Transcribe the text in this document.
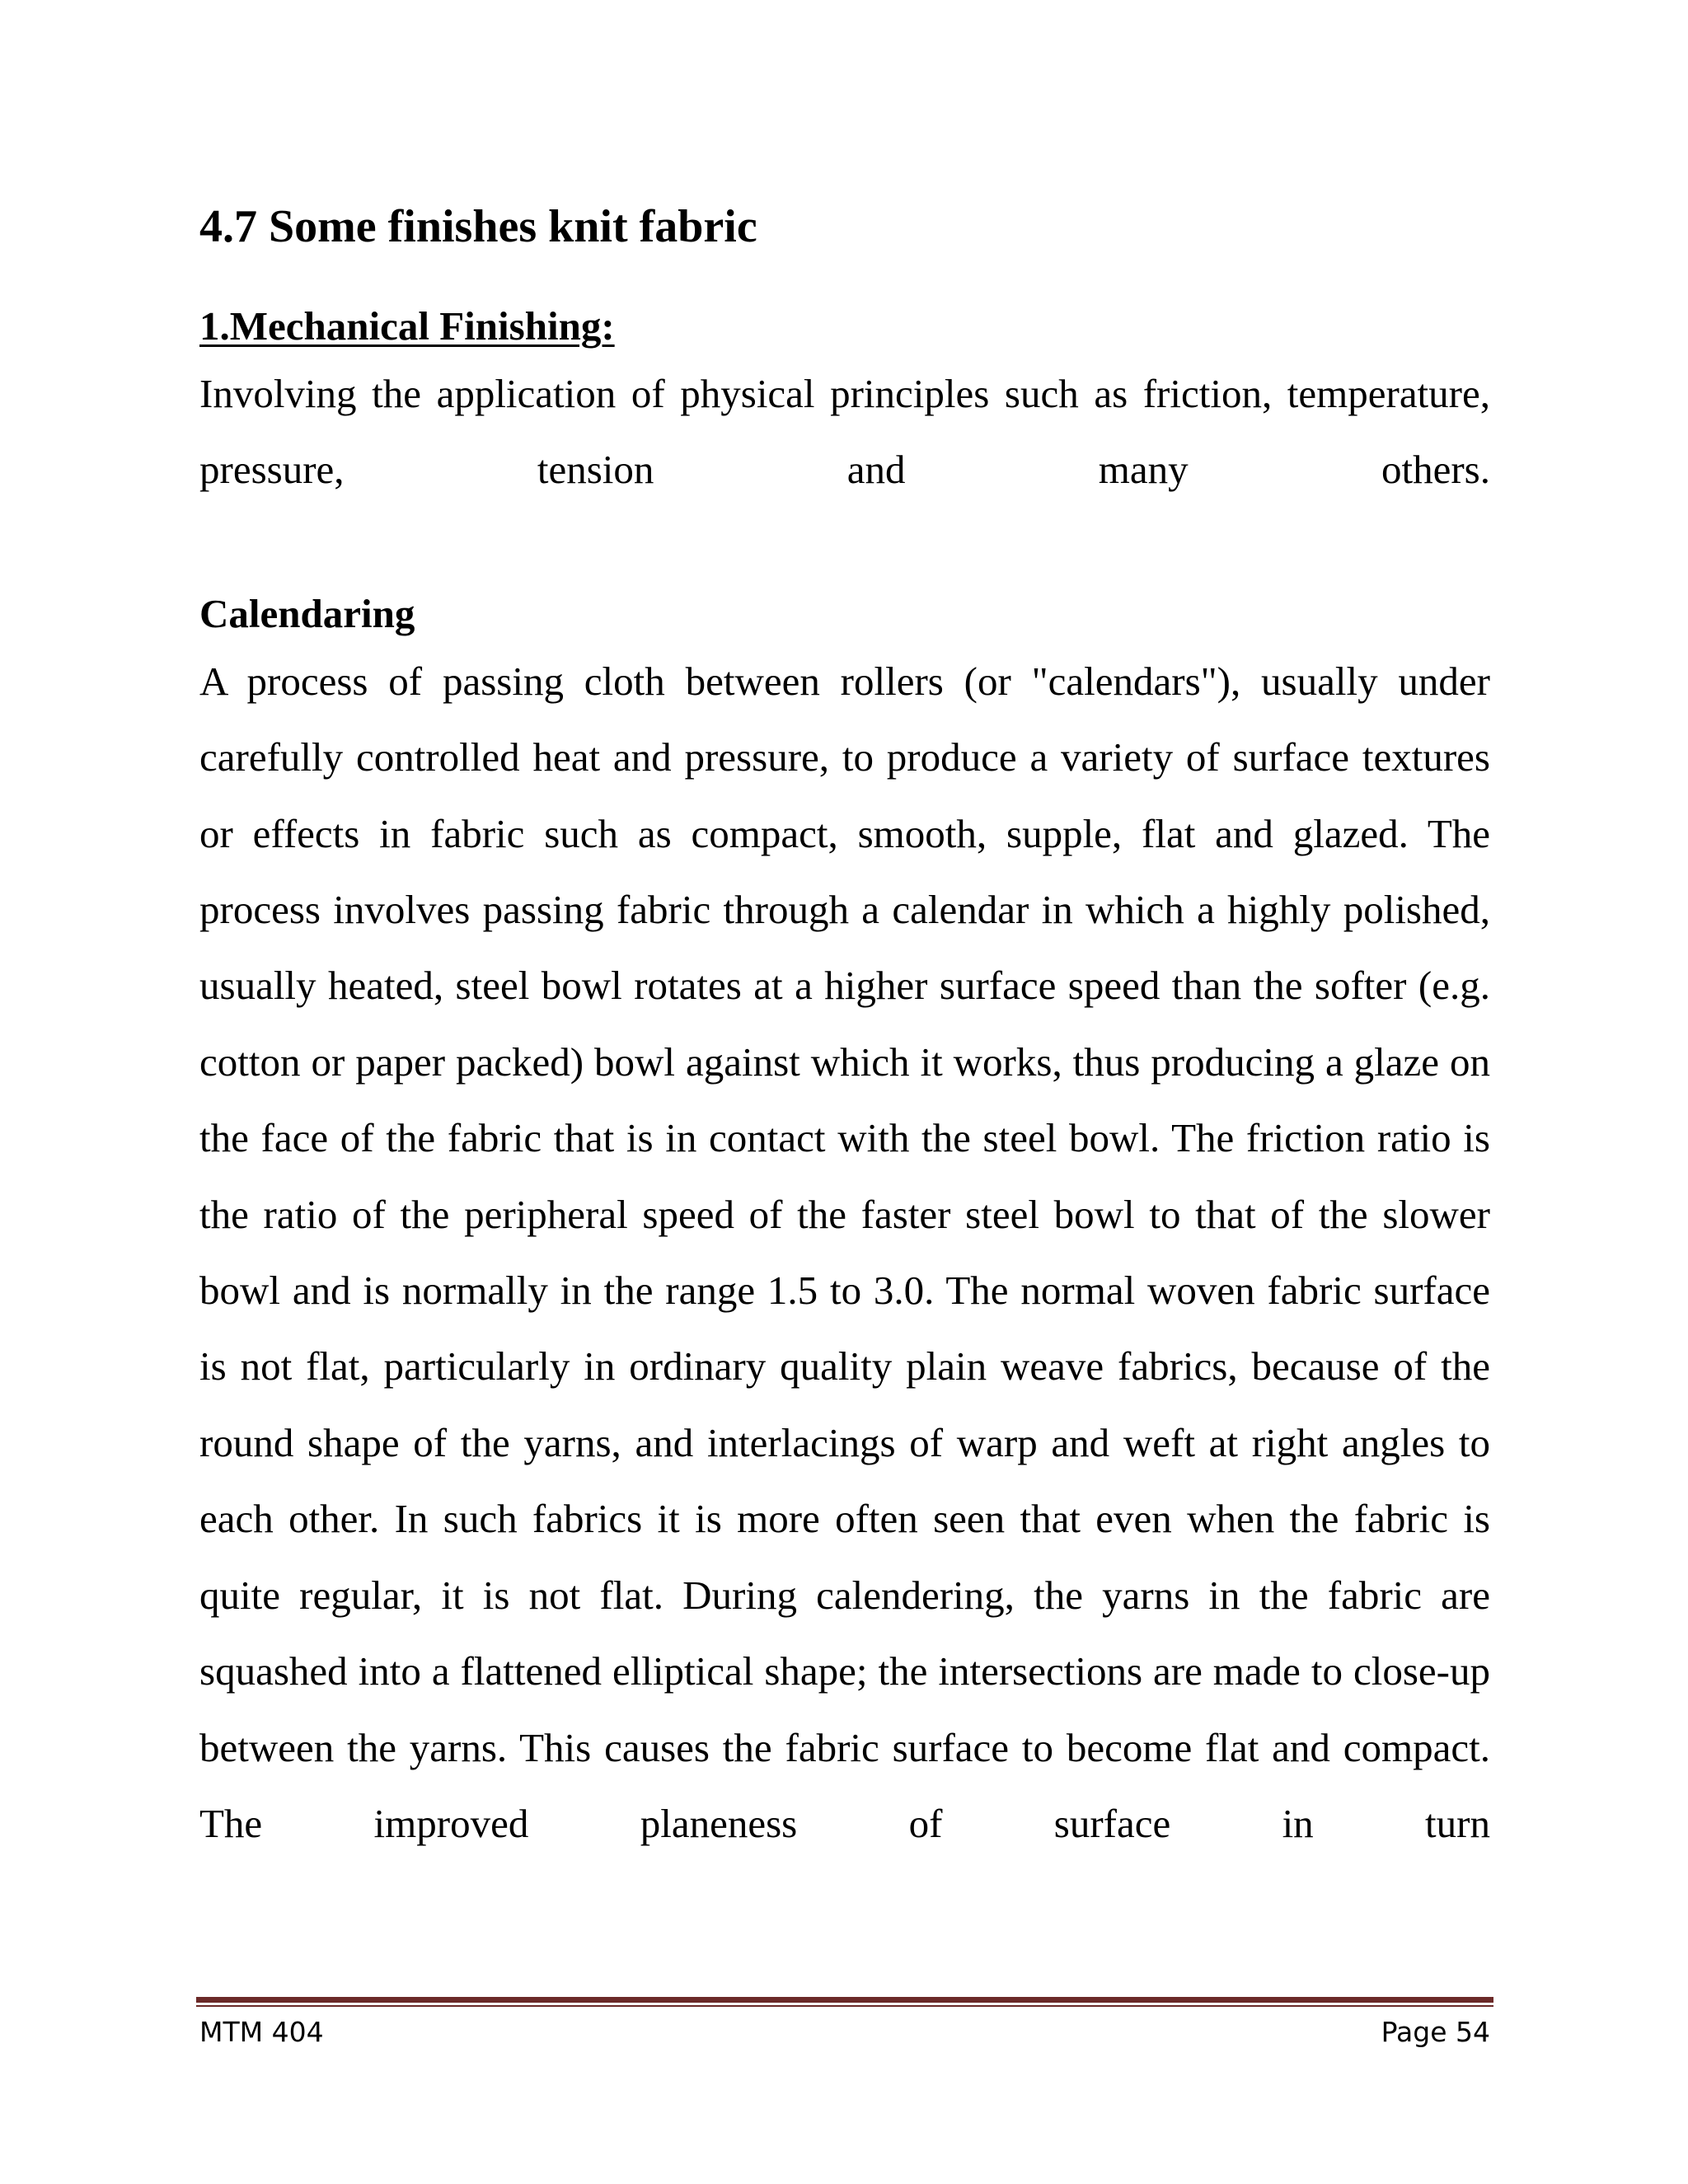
4.7 Some finishes knit fabric
1.Mechanical Finishing:

Involving the application of physical principles such as friction, temperature, pressure, tension and many others.

Calendaring

A process of passing cloth between rollers (or "calendars"), usually under carefully controlled heat and pressure, to produce a variety of surface textures or effects in fabric such as compact, smooth, supple, flat and glazed. The process involves passing fabric through a calendar in which a highly polished, usually heated, steel bowl rotates at a higher surface speed than the softer (e.g. cotton or paper packed) bowl against which it works, thus producing a glaze on the face of the fabric that is in contact with the steel bowl. The friction ratio is the ratio of the peripheral speed of the faster steel bowl to that of the slower bowl and is normally in the range 1.5 to 3.0. The normal woven fabric surface is not flat, particularly in ordinary quality plain weave fabrics, because of the round shape of the yarns, and interlacings of warp and weft at right angles to each other. In such fabrics it is more often seen that even when the fabric is quite regular, it is not flat. During calendering, the yarns in the fabric are squashed into a flattened elliptical shape; the intersections are made to close-up between the yarns. This causes the fabric surface to become flat and compact. The improved planeness of surface in turn

MTM 404	Page 54
